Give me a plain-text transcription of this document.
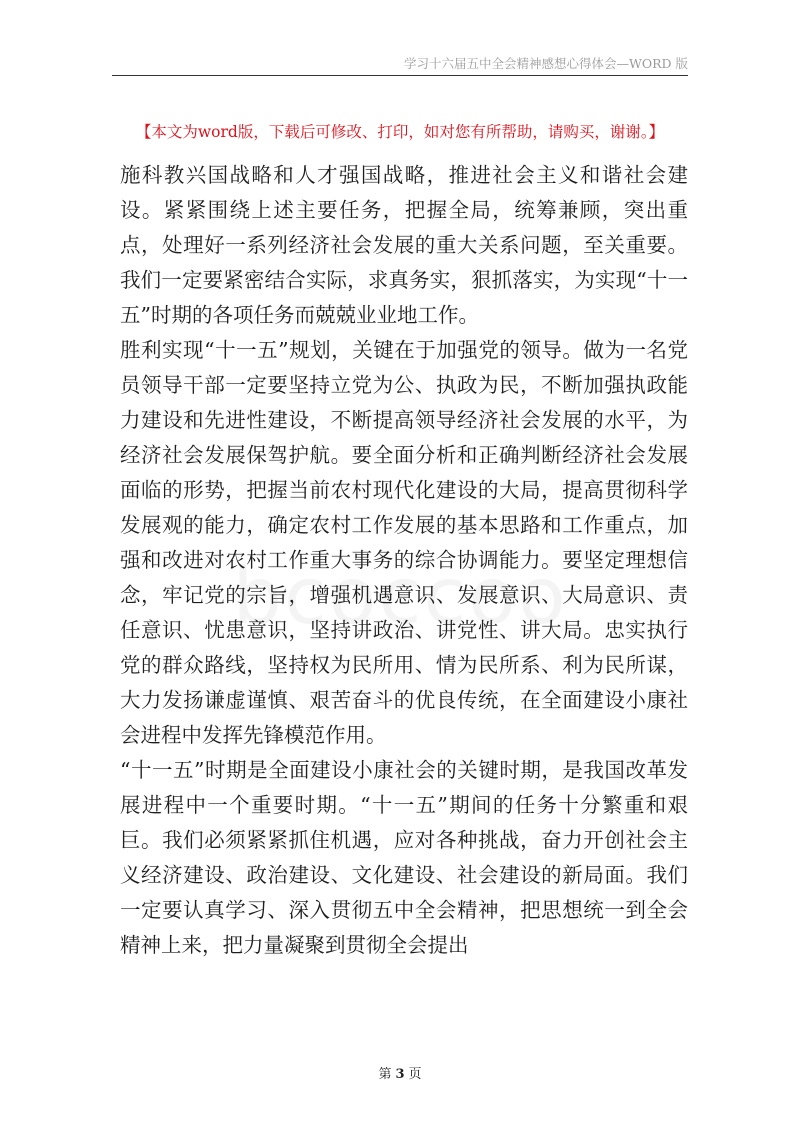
学习十六届五中全会精神感想心得体会—WORD 版
【本文为word版，下载后可修改、打印，如对您有所帮助，请购买，谢谢。】

施科教兴国战略和人才强国战略，推进社会主义和谐社会建设。紧紧围绕上述主要任务，把握全局，统筹兼顾，突出重点，处理好一系列经济社会发展的重大关系问题，至关重要。我们一定要紧密结合实际，求真务实，狠抓落实，为实现“十一五”时期的各项任务而兢兢业业地工作。

胜利实现“十一五”规划，关键在于加强党的领导。做为一名党员领导干部一定要坚持立党为公、执政为民，不断加强执政能力建设和先进性建设，不断提高领导经济社会发展的水平，为经济社会发展保驾护航。要全面分析和正确判断经济社会发展面临的形势，把握当前农村现代化建设的大局，提高贯彻科学发展观的能力，确定农村工作发展的基本思路和工作重点，加强和改进对农村工作重大事务的综合协调能力。要坚定理想信念，牢记党的宗旨，增强机遇意识、发展意识、大局意识、责任意识、忧患意识，坚持讲政治、讲党性、讲大局。忠实执行党的群众路线，坚持权为民所用、情为民所系、利为民所谋，大力发扬谦虚谨慎、艰苦奋斗的优良传统，在全面建设小康社会进程中发挥先锋模范作用。

“十一五”时期是全面建设小康社会的关键时期，是我国改革发展进程中一个重要时期。“十一五”期间的任务十分繁重和艰巨。我们必须紧紧抓住机遇，应对各种挑战，奋力开创社会主义经济建设、政治建设、文化建设、社会建设的新局面。我们一定要认真学习、深入贯彻五中全会精神，把思想统一到全会精神上来，把力量凝聚到贯彻全会提出

第 3 页
